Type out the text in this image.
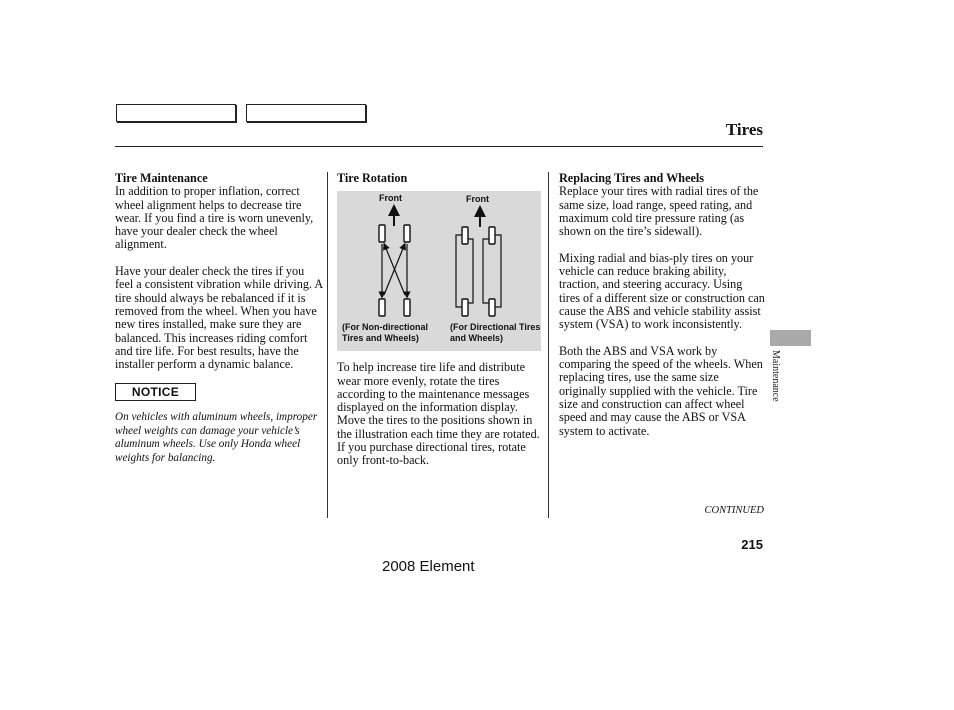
Tires
Tire Maintenance

In addition to proper inflation, correct wheel alignment helps to decrease tire wear. If you find a tire is worn unevenly, have your dealer check the wheel alignment.

Have your dealer check the tires if you feel a consistent vibration while driving. A tire should always be rebalanced if it is removed from the wheel. When you have new tires installed, make sure they are balanced. This increases riding comfort and tire life. For best results, have the installer perform a dynamic balance.

NOTICE

On vehicles with aluminum wheels, improper wheel weights can damage your vehicle’s aluminum wheels. Use only Honda wheel weights for balancing.

Tire Rotation
Front	Front
(For Non-directional Tires and Wheels)
(For Directional Tires and Wheels)

To help increase tire life and distribute wear more evenly, rotate the tires according to the maintenance messages displayed on the information display.

Move the tires to the positions shown in the illustration each time they are rotated. If you purchase directional tires, rotate only front-to-back.

Replacing Tires and Wheels

Replace your tires with radial tires of the same size, load range, speed rating, and maximum cold tire pressure rating (as shown on the tire’s sidewall).

Mixing radial and bias-ply tires on your vehicle can reduce braking ability, traction, and steering accuracy. Using tires of a different size or construction can cause the ABS and vehicle stability assist system (VSA) to work inconsistently.

Both the ABS and VSA work by comparing the speed of the wheels. When replacing tires, use the same size originally supplied with the vehicle. Tire size and construction can affect wheel speed and may cause the ABS or VSA system to activate.

Maintenance
CONTINUED
215
2008 Element
